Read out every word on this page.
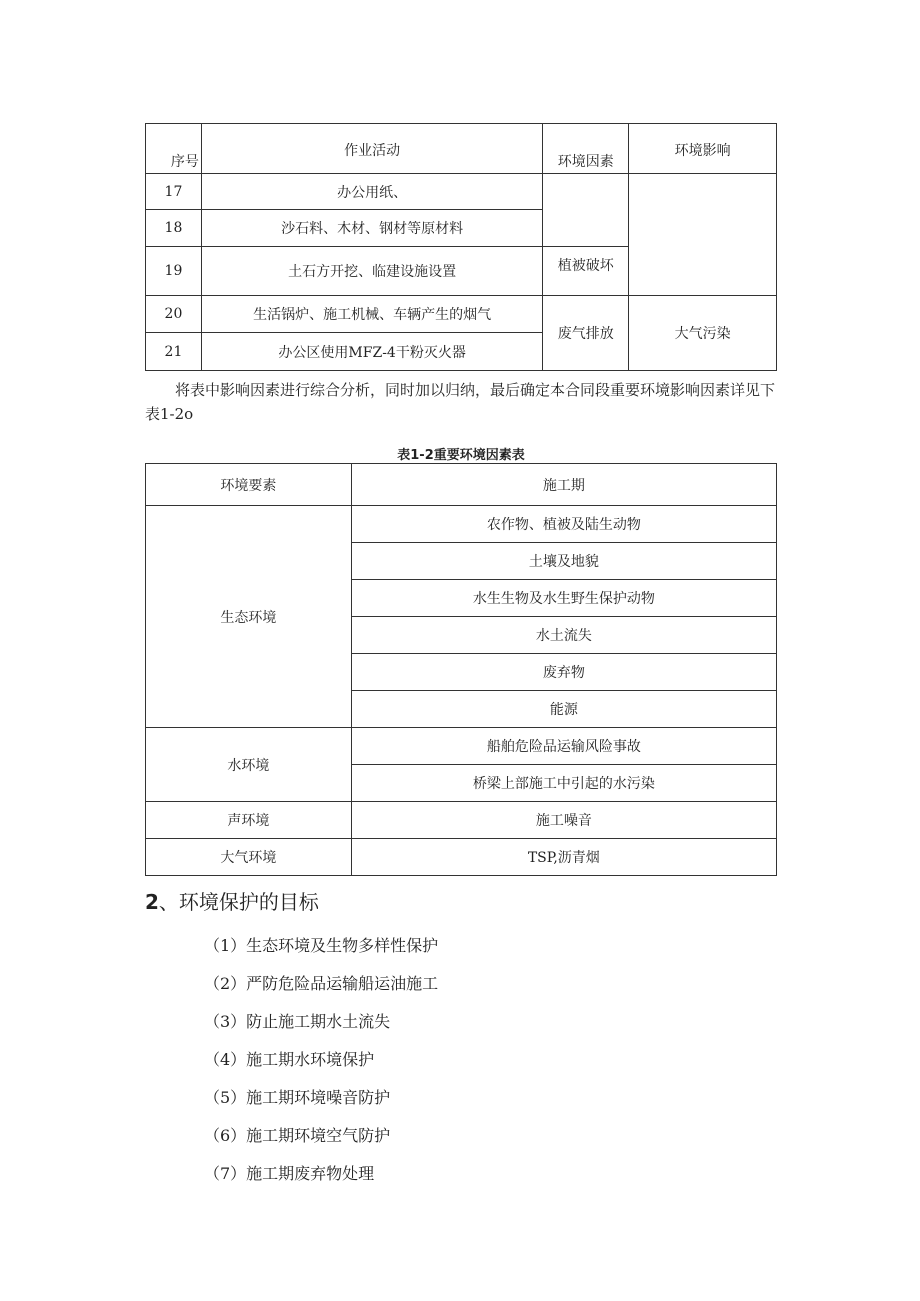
序号	作业活动	环境因素	环境影响
17	办公用纸、		
18	沙石料、木材、钢材等原材料		
19	土石方开挖、临建设施设置	植被破坏	
20	生活锅炉、施工机械、车辆产生的烟气	废气排放	大气污染
21	办公区使用MFZ-4干粉灭火器		

将表中影响因素进行综合分析，同时加以归纳，最后确定本合同段重要环境影响因素详见下表1-2o

表1-2重要环境因素表
环境要素	施工期
生态环境	农作物、植被及陆生动物
	土壤及地貌
	水生生物及水生野生保护动物
	水土流失
	废弃物
	能源
水环境	船舶危险品运输风险事故
	桥梁上部施工中引起的水污染
声环境	施工噪音
大气环境	TSP,沥青烟
2、环境保护的目标
（1）生态环境及生物多样性保护
（2）严防危险品运输船运油施工
（3）防止施工期水土流失
（4）施工期水环境保护
（5）施工期环境噪音防护
（6）施工期环境空气防护
（7）施工期废弃物处理
